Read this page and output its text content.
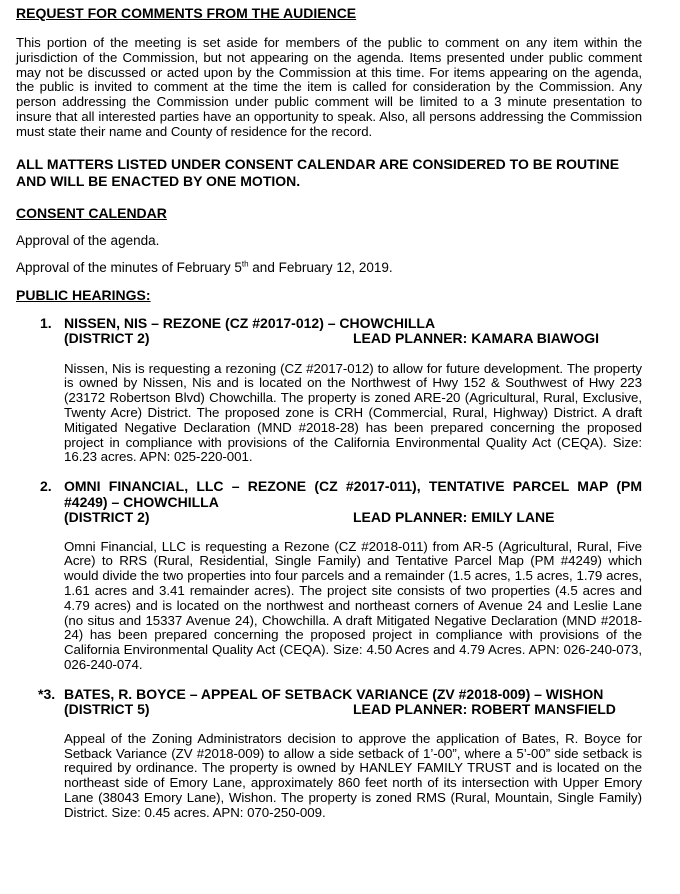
REQUEST FOR COMMENTS FROM THE AUDIENCE

This portion of the meeting is set aside for members of the public to comment on any item within the jurisdiction of the Commission, but not appearing on the agenda. Items presented under public comment may not be discussed or acted upon by the Commission at this time. For items appearing on the agenda, the public is invited to comment at the time the item is called for consideration by the Commission. Any person addressing the Commission under public comment will be limited to a 3 minute presentation to insure that all interested parties have an opportunity to speak. Also, all persons addressing the Commission must state their name and County of residence for the record.

ALL MATTERS LISTED UNDER CONSENT CALENDAR ARE CONSIDERED TO BE ROUTINE AND WILL BE ENACTED BY ONE MOTION.

CONSENT CALENDAR

Approval of the agenda.

Approval of the minutes of February 5th and February 12, 2019.

PUBLIC HEARINGS:
1. NISSEN, NIS – REZONE (CZ #2017-012) – CHOWCHILLA

(DISTRICT 2)	LEAD PLANNER: KAMARA BIAWOGI

Nissen, Nis is requesting a rezoning (CZ #2017-012) to allow for future development. The property is owned by Nissen, Nis and is located on the Northwest of Hwy 152 & Southwest of Hwy 223 (23172 Robertson Blvd) Chowchilla. The property is zoned ARE-20 (Agricultural, Rural, Exclusive, Twenty Acre) District. The proposed zone is CRH (Commercial, Rural, Highway) District. A draft Mitigated Negative Declaration (MND #2018-28) has been prepared concerning the proposed project in compliance with provisions of the California Environmental Quality Act (CEQA). Size: 16.23 acres. APN: 025-220-001.

2. OMNI FINANCIAL, LLC – REZONE (CZ #2017-011), TENTATIVE PARCEL MAP (PM #4249) – CHOWCHILLA

(DISTRICT 2)	LEAD PLANNER: EMILY LANE

Omni Financial, LLC is requesting a Rezone (CZ #2018-011) from AR-5 (Agricultural, Rural, Five Acre) to RRS (Rural, Residential, Single Family) and Tentative Parcel Map (PM #4249) which would divide the two properties into four parcels and a remainder (1.5 acres, 1.5 acres, 1.79 acres, 1.61 acres and 3.41 remainder acres). The project site consists of two properties (4.5 acres and 4.79 acres) and is located on the northwest and northeast corners of Avenue 24 and Leslie Lane (no situs and 15337 Avenue 24), Chowchilla. A draft Mitigated Negative Declaration (MND #2018-24) has been prepared concerning the proposed project in compliance with provisions of the California Environmental Quality Act (CEQA). Size: 4.50 Acres and 4.79 Acres. APN: 026-240-073, 026-240-074.

*3. BATES, R. BOYCE – APPEAL OF SETBACK VARIANCE (ZV #2018-009) – WISHON

(DISTRICT 5)	LEAD PLANNER: ROBERT MANSFIELD

Appeal of the Zoning Administrators decision to approve the application of Bates, R. Boyce for Setback Variance (ZV #2018-009) to allow a side setback of 1’-00”, where a 5’-00” side setback is required by ordinance. The property is owned by HANLEY FAMILY TRUST and is located on the northeast side of Emory Lane, approximately 860 feet north of its intersection with Upper Emory Lane (38043 Emory Lane), Wishon. The property is zoned RMS (Rural, Mountain, Single Family) District. Size: 0.45 acres. APN: 070-250-009.
